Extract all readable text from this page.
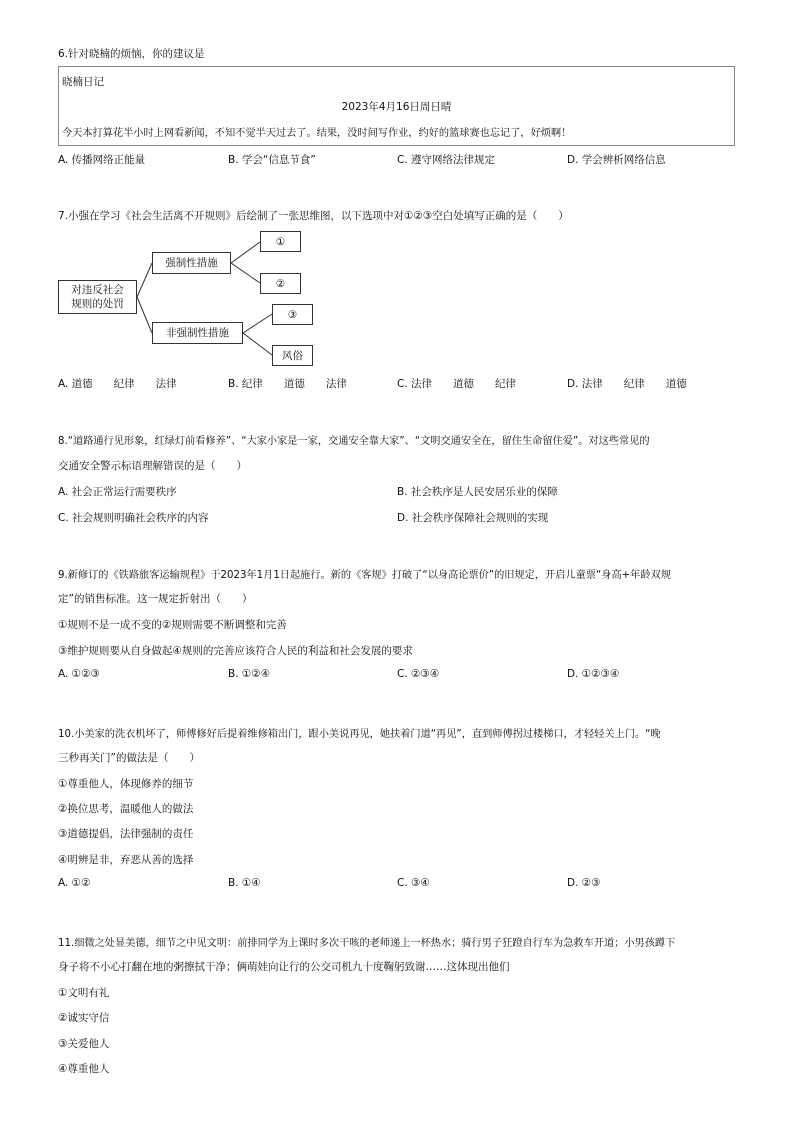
6.针对晓楠的烦恼，你的建议是
晓楠日记
2023年4月16日周日晴
今天本打算花半小时上网看新闻，不知不觉半天过去了。结果，没时间写作业，约好的篮球赛也忘记了，好烦啊！
A. 传播网络正能量	B. 学会“信息节食”	C. 遵守网络法律规定	D. 学会辨析网络信息
7.小强在学习《社会生活离不开规则》后绘制了一张思维图，以下选项中对①②③空白处填写正确的是（　　）
对违反社会
规则的处罚
强制性措施
非强制性措施
①
②
③
风俗
A. 道德　　纪律　　法律	B. 纪律　　道德　　法律	C. 法律　　道德　　纪律	D. 法律　　纪律　　道德
8.“道路通行见形象，红绿灯前看修养”、“大家小家是一家，交通安全靠大家”、“文明交通安全在，留住生命留住爱”。对这些常见的
交通安全警示标语理解错误的是（　　）
A. 社会正常运行需要秩序	B. 社会秩序是人民安居乐业的保障
C. 社会规则明确社会秩序的内容	D. 社会秩序保障社会规则的实现
9.新修订的《铁路旅客运输规程》于2023年1月1日起施行。新的《客规》打破了“以身高论票价”的旧规定，开启儿童票“身高+年龄双规
定”的销售标准。这一规定折射出（　　）
①规则不是一成不变的②规则需要不断调整和完善
③维护规则要从自身做起④规则的完善应该符合人民的利益和社会发展的要求
A. ①②③	B. ①②④	C. ②③④	D. ①②③④
10.小美家的洗衣机坏了，师傅修好后提着维修箱出门，跟小美说再见，她扶着门道“再见”，直到师傅拐过楼梯口，才轻轻关上门。“晚
三秒再关门”的做法是（　　）
①尊重他人，体现修养的细节
②换位思考，温暖他人的做法
③道德提倡，法律强制的责任
④明辨是非，弃恶从善的选择
A. ①②	B. ①④	C. ③④	D. ②③
11.细微之处显美德，细节之中见文明：前排同学为上课时多次干咳的老师递上一杯热水；骑行男子狂蹬自行车为急救车开道；小男孩蹲下
身子将不小心打翻在地的粥擦拭干净；俩萌娃向让行的公交司机九十度鞠躬致谢……这体现出他们
①文明有礼
②诚实守信
③关爱他人
④尊重他人
